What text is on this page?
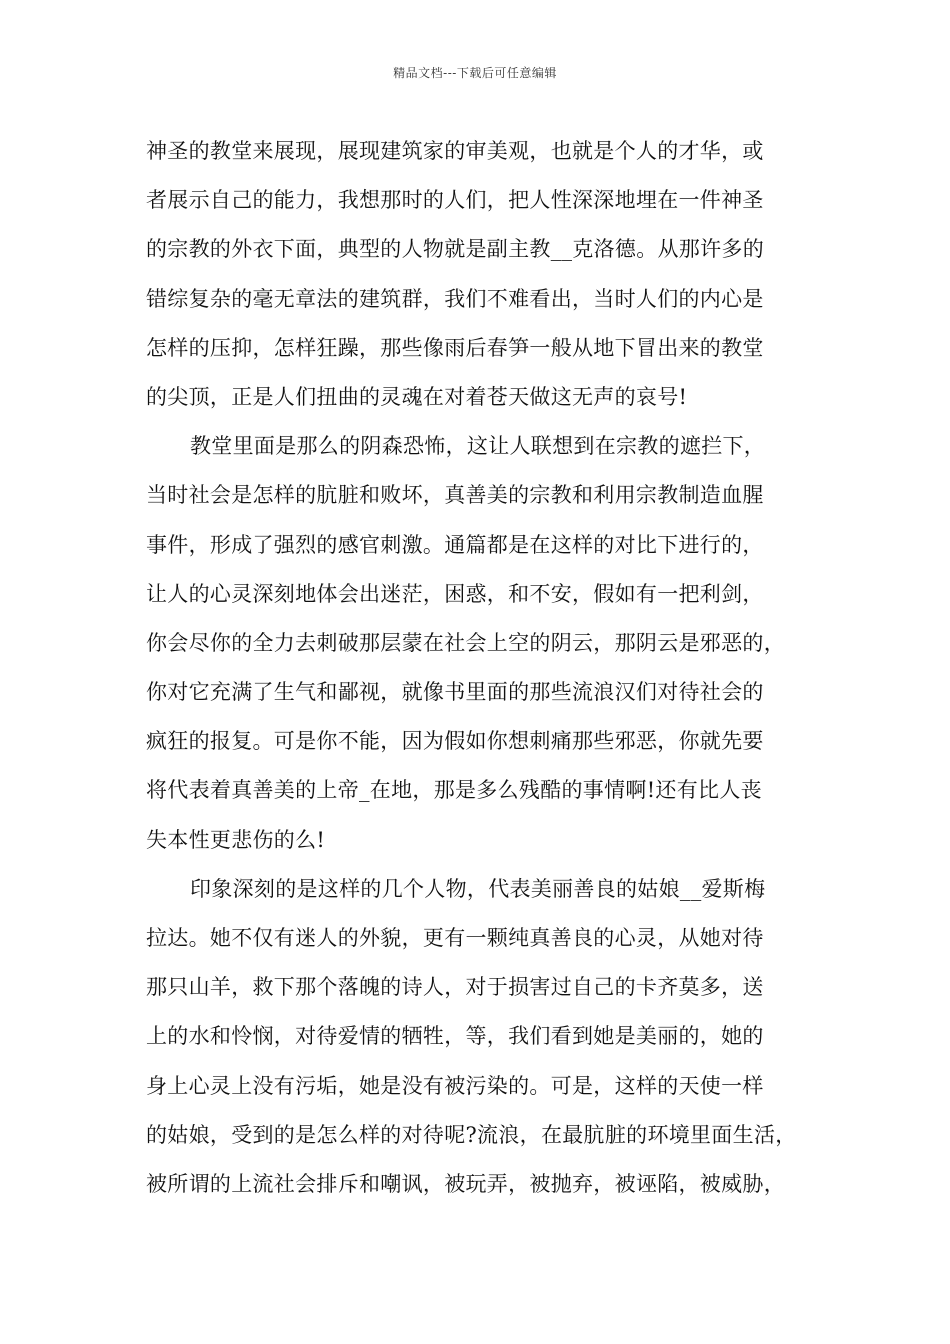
精品文档---下载后可任意编辑
神圣的教堂来展现，展现建筑家的审美观，也就是个人的才华，或
者展示自己的能力，我想那时的人们，把人性深深地埋在一件神圣
的宗教的外衣下面，典型的人物就是副主教__克洛德。从那许多的
错综复杂的毫无章法的建筑群，我们不难看出，当时人们的内心是
怎样的压抑，怎样狂躁，那些像雨后春笋一般从地下冒出来的教堂
的尖顶，正是人们扭曲的灵魂在对着苍天做这无声的哀号!
教堂里面是那么的阴森恐怖，这让人联想到在宗教的遮拦下，
当时社会是怎样的肮脏和败坏，真善美的宗教和利用宗教制造血腥
事件，形成了强烈的感官刺激。通篇都是在这样的对比下进行的，
让人的心灵深刻地体会出迷茫，困惑，和不安，假如有一把利剑，
你会尽你的全力去刺破那层蒙在社会上空的阴云，那阴云是邪恶的，
你对它充满了生气和鄙视，就像书里面的那些流浪汉们对待社会的
疯狂的报复。可是你不能，因为假如你想刺痛那些邪恶，你就先要
将代表着真善美的上帝_在地，那是多么残酷的事情啊!还有比人丧
失本性更悲伤的么!
印象深刻的是这样的几个人物，代表美丽善良的姑娘__爱斯梅
拉达。她不仅有迷人的外貌，更有一颗纯真善良的心灵，从她对待
那只山羊，救下那个落魄的诗人，对于损害过自己的卡齐莫多，送
上的水和怜悯，对待爱情的牺牲，等，我们看到她是美丽的，她的
身上心灵上没有污垢，她是没有被污染的。可是，这样的天使一样
的姑娘，受到的是怎么样的对待呢?流浪，在最肮脏的环境里面生活，
被所谓的上流社会排斥和嘲讽，被玩弄，被抛弃，被诬陷，被威胁，
